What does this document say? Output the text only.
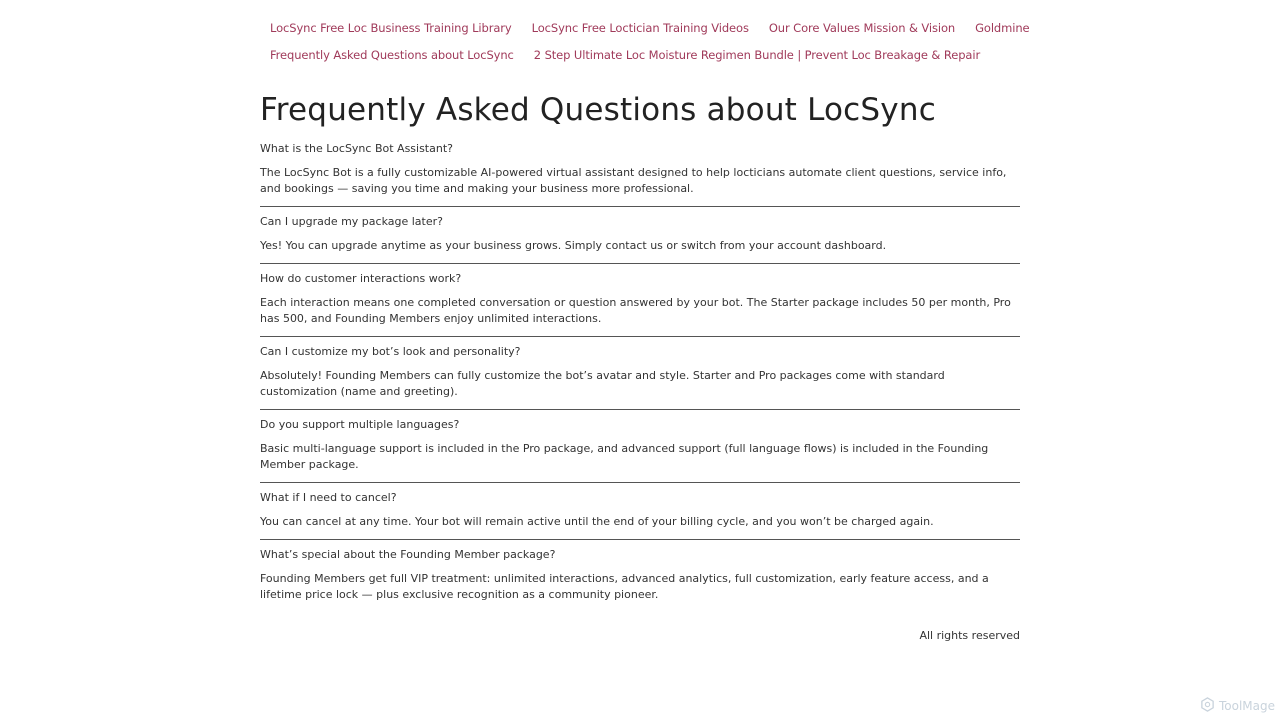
LocSync Free Loc Business Training Library	LocSync Free Loctician Training Videos	Our Core Values Mission & Vision	Goldmine
Frequently Asked Questions about LocSync	2 Step Ultimate Loc Moisture Regimen Bundle | Prevent Loc Breakage & Repair
Frequently Asked Questions about LocSync
What is the LocSync Bot Assistant?
The LocSync Bot is a fully customizable AI-powered virtual assistant designed to help locticians automate client questions, service info, and bookings — saving you time and making your business more professional.
Can I upgrade my package later?
Yes! You can upgrade anytime as your business grows. Simply contact us or switch from your account dashboard.
How do customer interactions work?
Each interaction means one completed conversation or question answered by your bot. The Starter package includes 50 per month, Pro has 500, and Founding Members enjoy unlimited interactions.
Can I customize my bot’s look and personality?
Absolutely! Founding Members can fully customize the bot’s avatar and style. Starter and Pro packages come with standard customization (name and greeting).
Do you support multiple languages?
Basic multi-language support is included in the Pro package, and advanced support (full language flows) is included in the Founding Member package.
What if I need to cancel?
You can cancel at any time. Your bot will remain active until the end of your billing cycle, and you won’t be charged again.
What’s special about the Founding Member package?
Founding Members get full VIP treatment: unlimited interactions, advanced analytics, full customization, early feature access, and a lifetime price lock — plus exclusive recognition as a community pioneer.
All rights reserved
ToolMage
